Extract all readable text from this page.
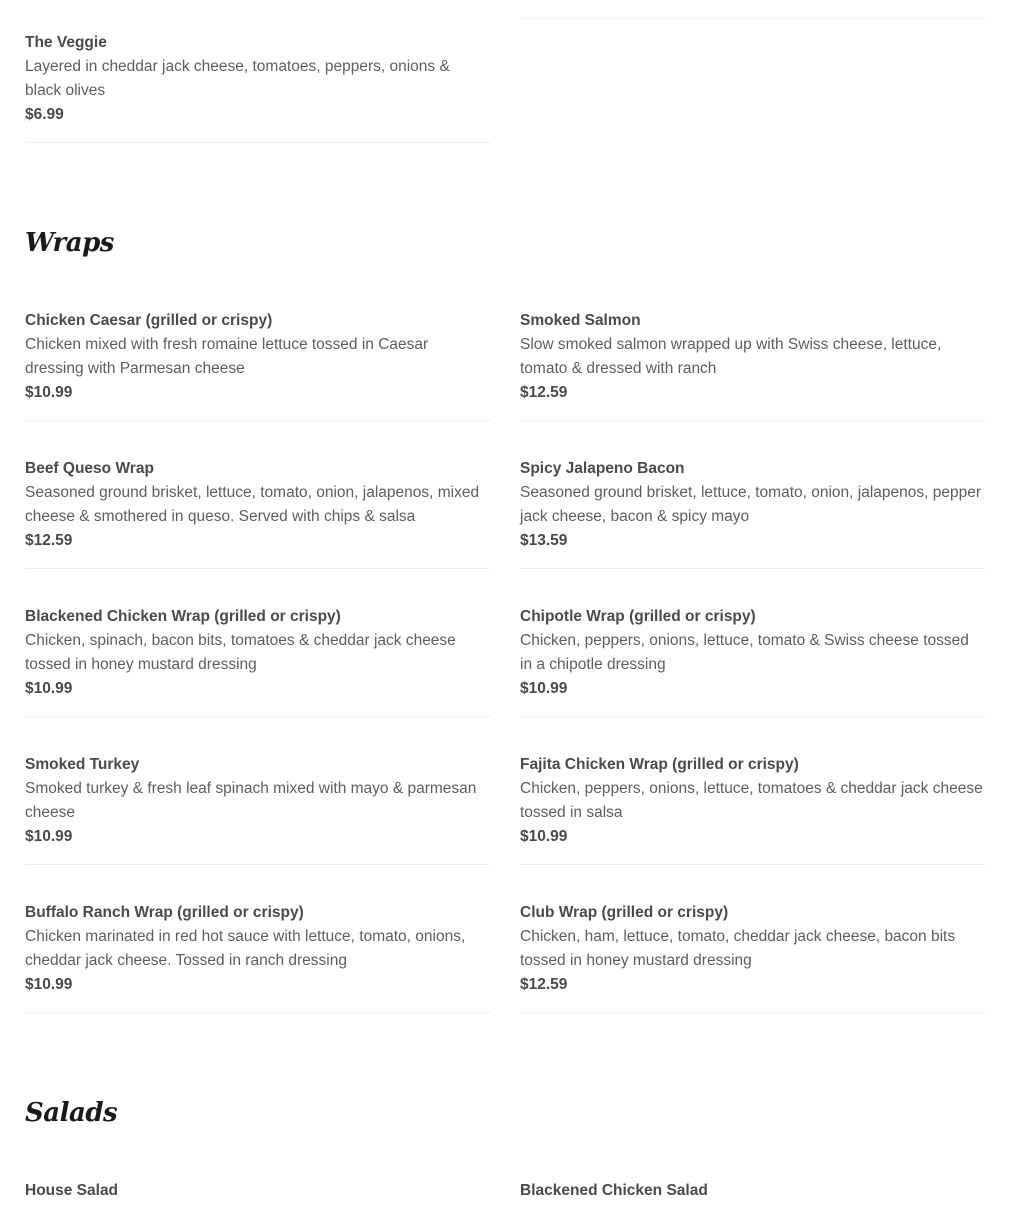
The Veggie

Layered in cheddar jack cheese, tomatoes, peppers, onions & black olives

$6.99

Wraps

Chicken Caesar (grilled or crispy)

Chicken mixed with fresh romaine lettuce tossed in Caesar dressing with Parmesan cheese

$10.99

Smoked Salmon

Slow smoked salmon wrapped up with Swiss cheese, lettuce, tomato & dressed with ranch

$12.59

Beef Queso Wrap

Seasoned ground brisket, lettuce, tomato, onion, jalapenos, mixed cheese & smothered in queso. Served with chips & salsa

$12.59

Spicy Jalapeno Bacon

Seasoned ground brisket, lettuce, tomato, onion, jalapenos, pepper jack cheese, bacon & spicy mayo

$13.59

Blackened Chicken Wrap (grilled or crispy)

Chicken, spinach, bacon bits, tomatoes & cheddar jack cheese tossed in honey mustard dressing

$10.99

Chipotle Wrap (grilled or crispy)

Chicken, peppers, onions, lettuce, tomato & Swiss cheese tossed in a chipotle dressing

$10.99

Smoked Turkey

Smoked turkey & fresh leaf spinach mixed with mayo & parmesan cheese

$10.99

Fajita Chicken Wrap (grilled or crispy)

Chicken, peppers, onions, lettuce, tomatoes & cheddar jack cheese tossed in salsa

$10.99

Buffalo Ranch Wrap (grilled or crispy)

Chicken marinated in red hot sauce with lettuce, tomato, onions, cheddar jack cheese. Tossed in ranch dressing

$10.99

Club Wrap (grilled or crispy)

Chicken, ham, lettuce, tomato, cheddar jack cheese, bacon bits tossed in honey mustard dressing

$12.59

Salads

House Salad	Blackened Chicken Salad
